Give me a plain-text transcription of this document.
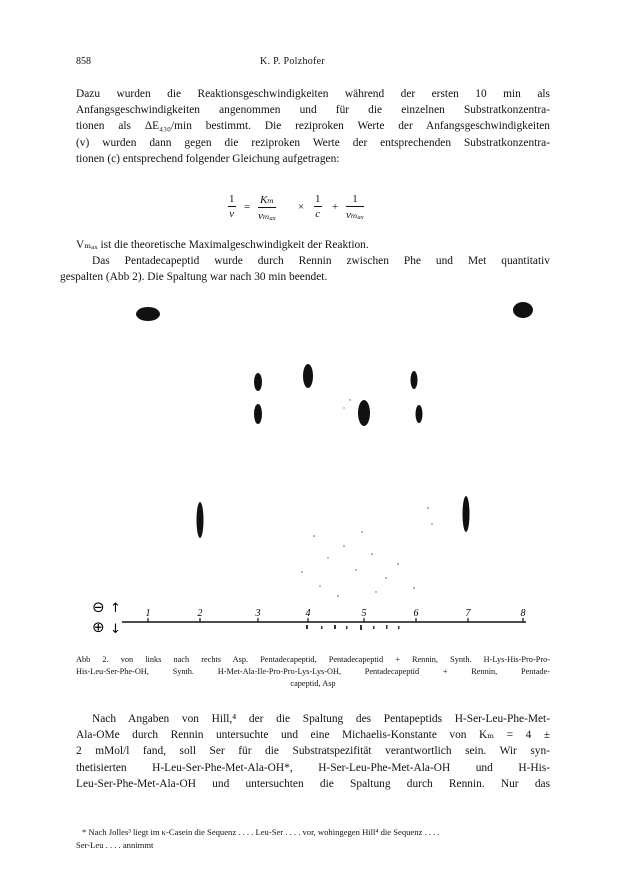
858	K. P. Polzhofer
Dazu wurden die Reaktionsgeschwindigkeiten während der ersten 10 min als
Anfangsgeschwindigkeiten angenommen und für die einzelnen Substratkonzentra-
tionen als ΔE₄₃₀/min bestimmt. Die reziproken Werte der Anfangsgeschwindigkeiten
(v) wurden dann gegen die reziproken Werte der entsprechenden Substratkonzentra-
tionen (c) entsprechend folgender Gleichung aufgetragen:
$\frac{1}{v}$ =
Kₘ
vₘₐₓ
× $\frac{1}{c}$ +
1
vₘₐₓ
Vₘₐₓ ist die theoretische Maximalgeschwindigkeit der Reaktion.
Das Pentadecapeptid wurde durch Rennin zwischen Phe und Met quantitativ
gespalten (Abb 2). Die Spaltung war nach 30 min beendet.
⊖
⊕
↑
↓
1	2	3	4	5	6	7	8
Abb 2. von links nach rechts Asp. Pentadecapeptid, Pentadecapeptid + Rennin, Synth. H-Lys-His-Pro-Pro-
His-Leu-Ser-Phe-OH, Synth. H-Met-Ala-Ile-Pro-Pro-Lys-Lys-OH, Pentadecapeptid + Rennin, Pentade-
capeptid, Asp
Nach Angaben von Hill,⁴ der die Spaltung des Pentapeptids H-Ser-Leu-Phe-Met-
Ala-OMe durch Rennin untersuchte und eine Michaelis-Konstante von Kₘ = 4 ±
2 mMol/l fand, soll Ser für die Substratspezifität verantwortlich sein. Wir syn-
thetisierten H-Leu-Ser-Phe-Met-Ala-OH*, H-Ser-Leu-Phe-Met-Ala-OH und H-His-
Leu-Ser-Phe-Met-Ala-OH und untersuchten die Spaltung durch Rennin. Nur das
* Nach Jolles³ liegt im κ-Casein die Sequenz . . . . Leu-Ser . . . . vor, wohingegen Hill⁴ die Sequenz . . . .
Ser-Leu . . . . annimmt
